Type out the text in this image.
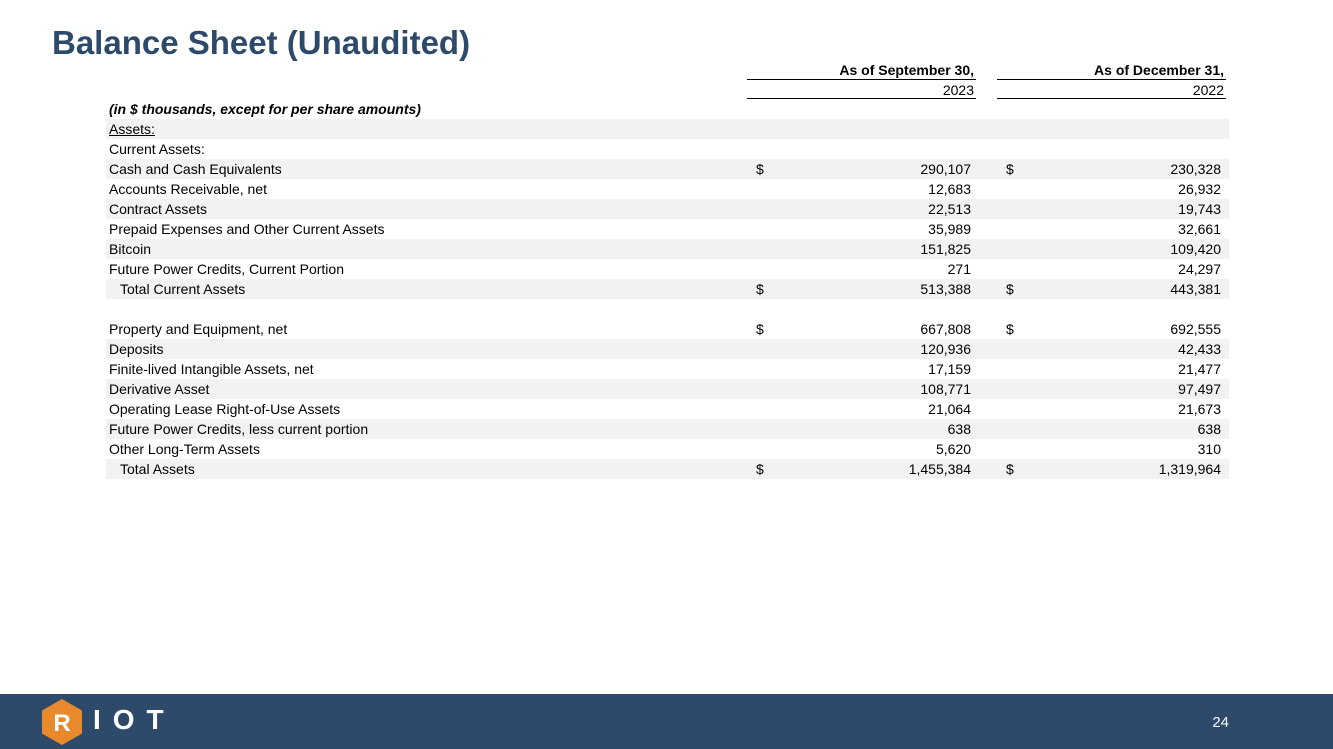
Balance Sheet (Unaudited)
As of September 30,
2023
As of December 31,
2022
(in $ thousands, except for per share amounts)
Assets:
Current Assets:
Cash and Cash Equivalents	$	290,107	$	230,328
Accounts Receivable, net	12,683	26,932
Contract Assets	22,513	19,743
Prepaid Expenses and Other Current Assets	35,989	32,661
Bitcoin	151,825	109,420
Future Power Credits, Current Portion	271	24,297
Total Current Assets	$	513,388	$	443,381
Property and Equipment, net	$	667,808	$	692,555
Deposits	120,936	42,433
Finite-lived Intangible Assets, net	17,159	21,477
Derivative Asset	108,771	97,497
Operating Lease Right-of-Use Assets	21,064	21,673
Future Power Credits, less current portion	638	638
Other Long-Term Assets	5,620	310
Total Assets	$	1,455,384	$	1,319,964
R IOT	24
